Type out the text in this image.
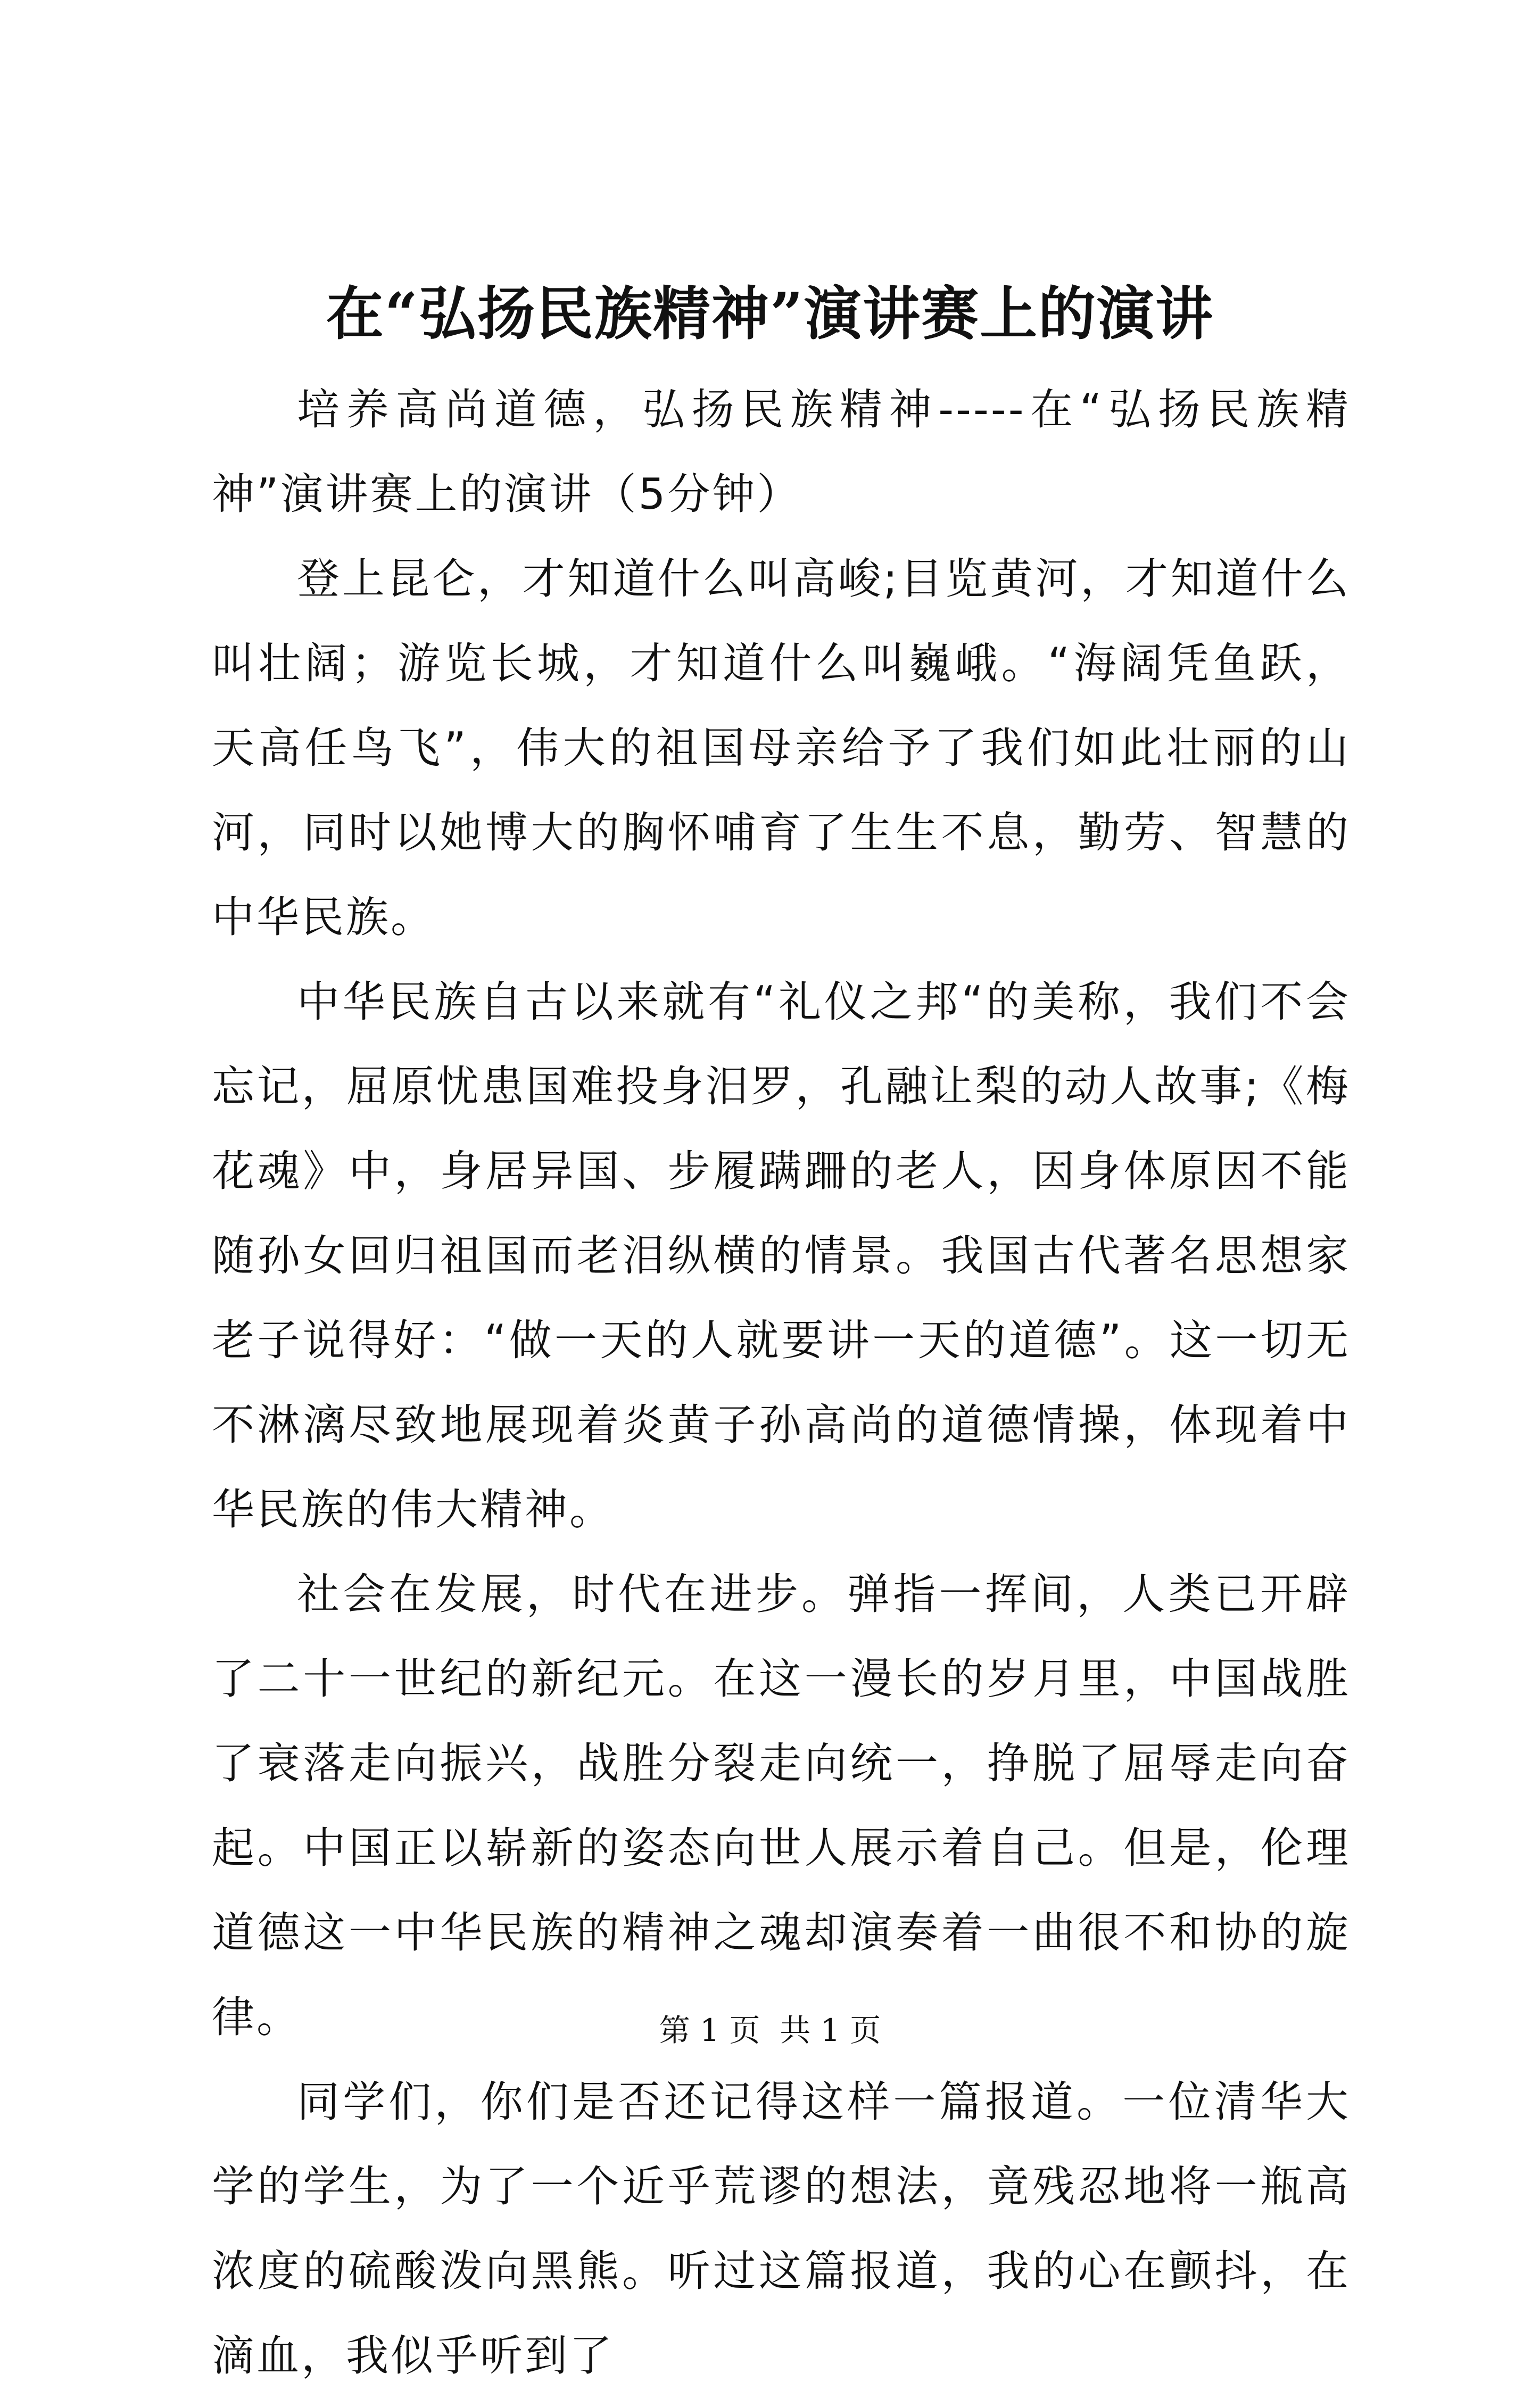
在“弘扬民族精神”演讲赛上的演讲

培养高尚道德，弘扬民族精神-----在“弘扬民族精神”演讲赛上的演讲（5分钟）

登上昆仑，才知道什么叫高峻;目览黄河，才知道什么叫壮阔；游览长城，才知道什么叫巍峨。“海阔凭鱼跃，天高任鸟飞”，伟大的祖国母亲给予了我们如此壮丽的山河，同时以她博大的胸怀哺育了生生不息，勤劳、智慧的中华民族。

中华民族自古以来就有“礼仪之邦“的美称，我们不会忘记，屈原忧患国难投身汨罗，孔融让梨的动人故事;《梅花魂》中，身居异国、步履蹒跚的老人，因身体原因不能随孙女回归祖国而老泪纵横的情景。我国古代著名思想家老子说得好：“做一天的人就要讲一天的道德”。这一切无不淋漓尽致地展现着炎黄子孙高尚的道德情操，体现着中华民族的伟大精神。

社会在发展，时代在进步。弹指一挥间，人类已开辟了二十一世纪的新纪元。在这一漫长的岁月里，中国战胜了衰落走向振兴，战胜分裂走向统一，挣脱了屈辱走向奋起。中国正以崭新的姿态向世人展示着自己。但是，伦理道德这一中华民族的精神之魂却演奏着一曲很不和协的旋律。

同学们，你们是否还记得这样一篇报道。一位清华大学的学生，为了一个近乎荒谬的想法，竟残忍地将一瓶高浓度的硫酸泼向黑熊。听过这篇报道，我的心在颤抖，在滴血，我似乎听到了

第 1 页  共 1 页
